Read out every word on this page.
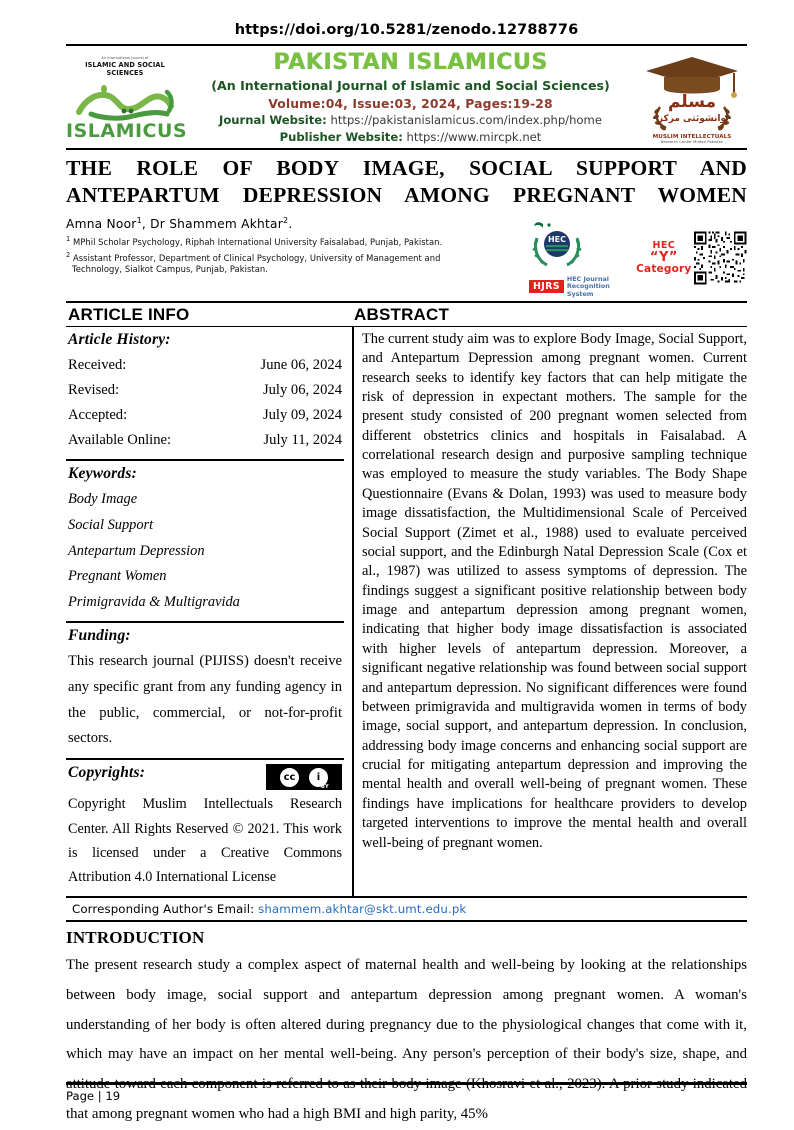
https://doi.org/10.5281/zenodo.12788776
An International Journal of
ISLAMIC AND SOCIAL SCIENCES
ISLAMICUS
PAKISTAN ISLAMICUS
(An International Journal of Islamic and Social Sciences)
Volume:04, Issue:03, 2024, Pages:19-28
Journal Website: https://pakistanislamicus.com/index.php/home
Publisher Website: https://www.mircpk.net
مسلم
وانشوثتى مركز
MUSLIM INTELLECTUALS
Research Center Multan Pakistan
THE ROLE OF BODY IMAGE, SOCIAL SUPPORT AND
ANTEPARTUM DEPRESSION AMONG PREGNANT WOMEN
Amna Noor$^1$, Dr Shammem Akhtar$^2$.
$^1$ MPhil Scholar Psychology, Riphah International University Faisalabad, Punjab, Pakistan.
$^2$ Assistant Professor, Department of Clinical Psychology, University of Management and
Technology, Sialkot Campus, Punjab, Pakistan.
HEC
HJRS
HEC Journal
Recognition System
HEC
“Y”
Category
ARTICLE INFO	ABSTRACT
Article History:
Received:	June 06, 2024
Revised:	July 06, 2024
Accepted:	July 09, 2024
Available Online:	July 11, 2024
Keywords:
Body Image
Social Support
Antepartum Depression
Pregnant Women
Primigravida & Multigravida
Funding:
This research journal (PIJISS) doesn't receive any specific grant from any funding agency in the public, commercial, or not-for-profit sectors.
Copyrights:	cc	i
BY
Copyright Muslim Intellectuals Research Center. All Rights Reserved © 2021. This work is licensed under a Creative Commons Attribution 4.0 International License
The current study aim was to explore Body Image, Social Support, and Antepartum Depression among pregnant women. Current research seeks to identify key factors that can help mitigate the risk of depression in expectant mothers. The sample for the present study consisted of 200 pregnant women selected from different obstetrics clinics and hospitals in Faisalabad. A correlational research design and purposive sampling technique was employed to measure the study variables. The Body Shape Questionnaire (Evans & Dolan, 1993) was used to measure body image dissatisfaction, the Multidimensional Scale of Perceived Social Support (Zimet et al., 1988) used to evaluate perceived social support, and the Edinburgh Natal Depression Scale (Cox et al., 1987) was utilized to assess symptoms of depression. The findings suggest a significant positive relationship between body image and antepartum depression among pregnant women, indicating that higher body image dissatisfaction is associated with higher levels of antepartum depression. Moreover, a significant negative relationship was found between social support and antepartum depression. No significant differences were found between primigravida and multigravida women in terms of body image, social support, and antepartum depression. In conclusion, addressing body image concerns and enhancing social support are crucial for mitigating antepartum depression and improving the mental health and overall well-being of pregnant women. These findings have implications for healthcare providers to develop targeted interventions to improve the mental health and overall well-being of pregnant women.
Corresponding Author's Email: shammem.akhtar@skt.umt.edu.pk
INTRODUCTION
The present research study a complex aspect of maternal health and well-being by looking at the relationships between body image, social support and antepartum depression among pregnant women. A woman's understanding of her body is often altered during pregnancy due to the physiological changes that come with it, which may have an impact on her mental well-being. Any person's perception of their body's size, shape, and attitude toward each component is referred to as their body image (Khosravi et al., 2023). A prior study indicated that among pregnant women who had a high BMI and high parity, 45%
Page | 19
